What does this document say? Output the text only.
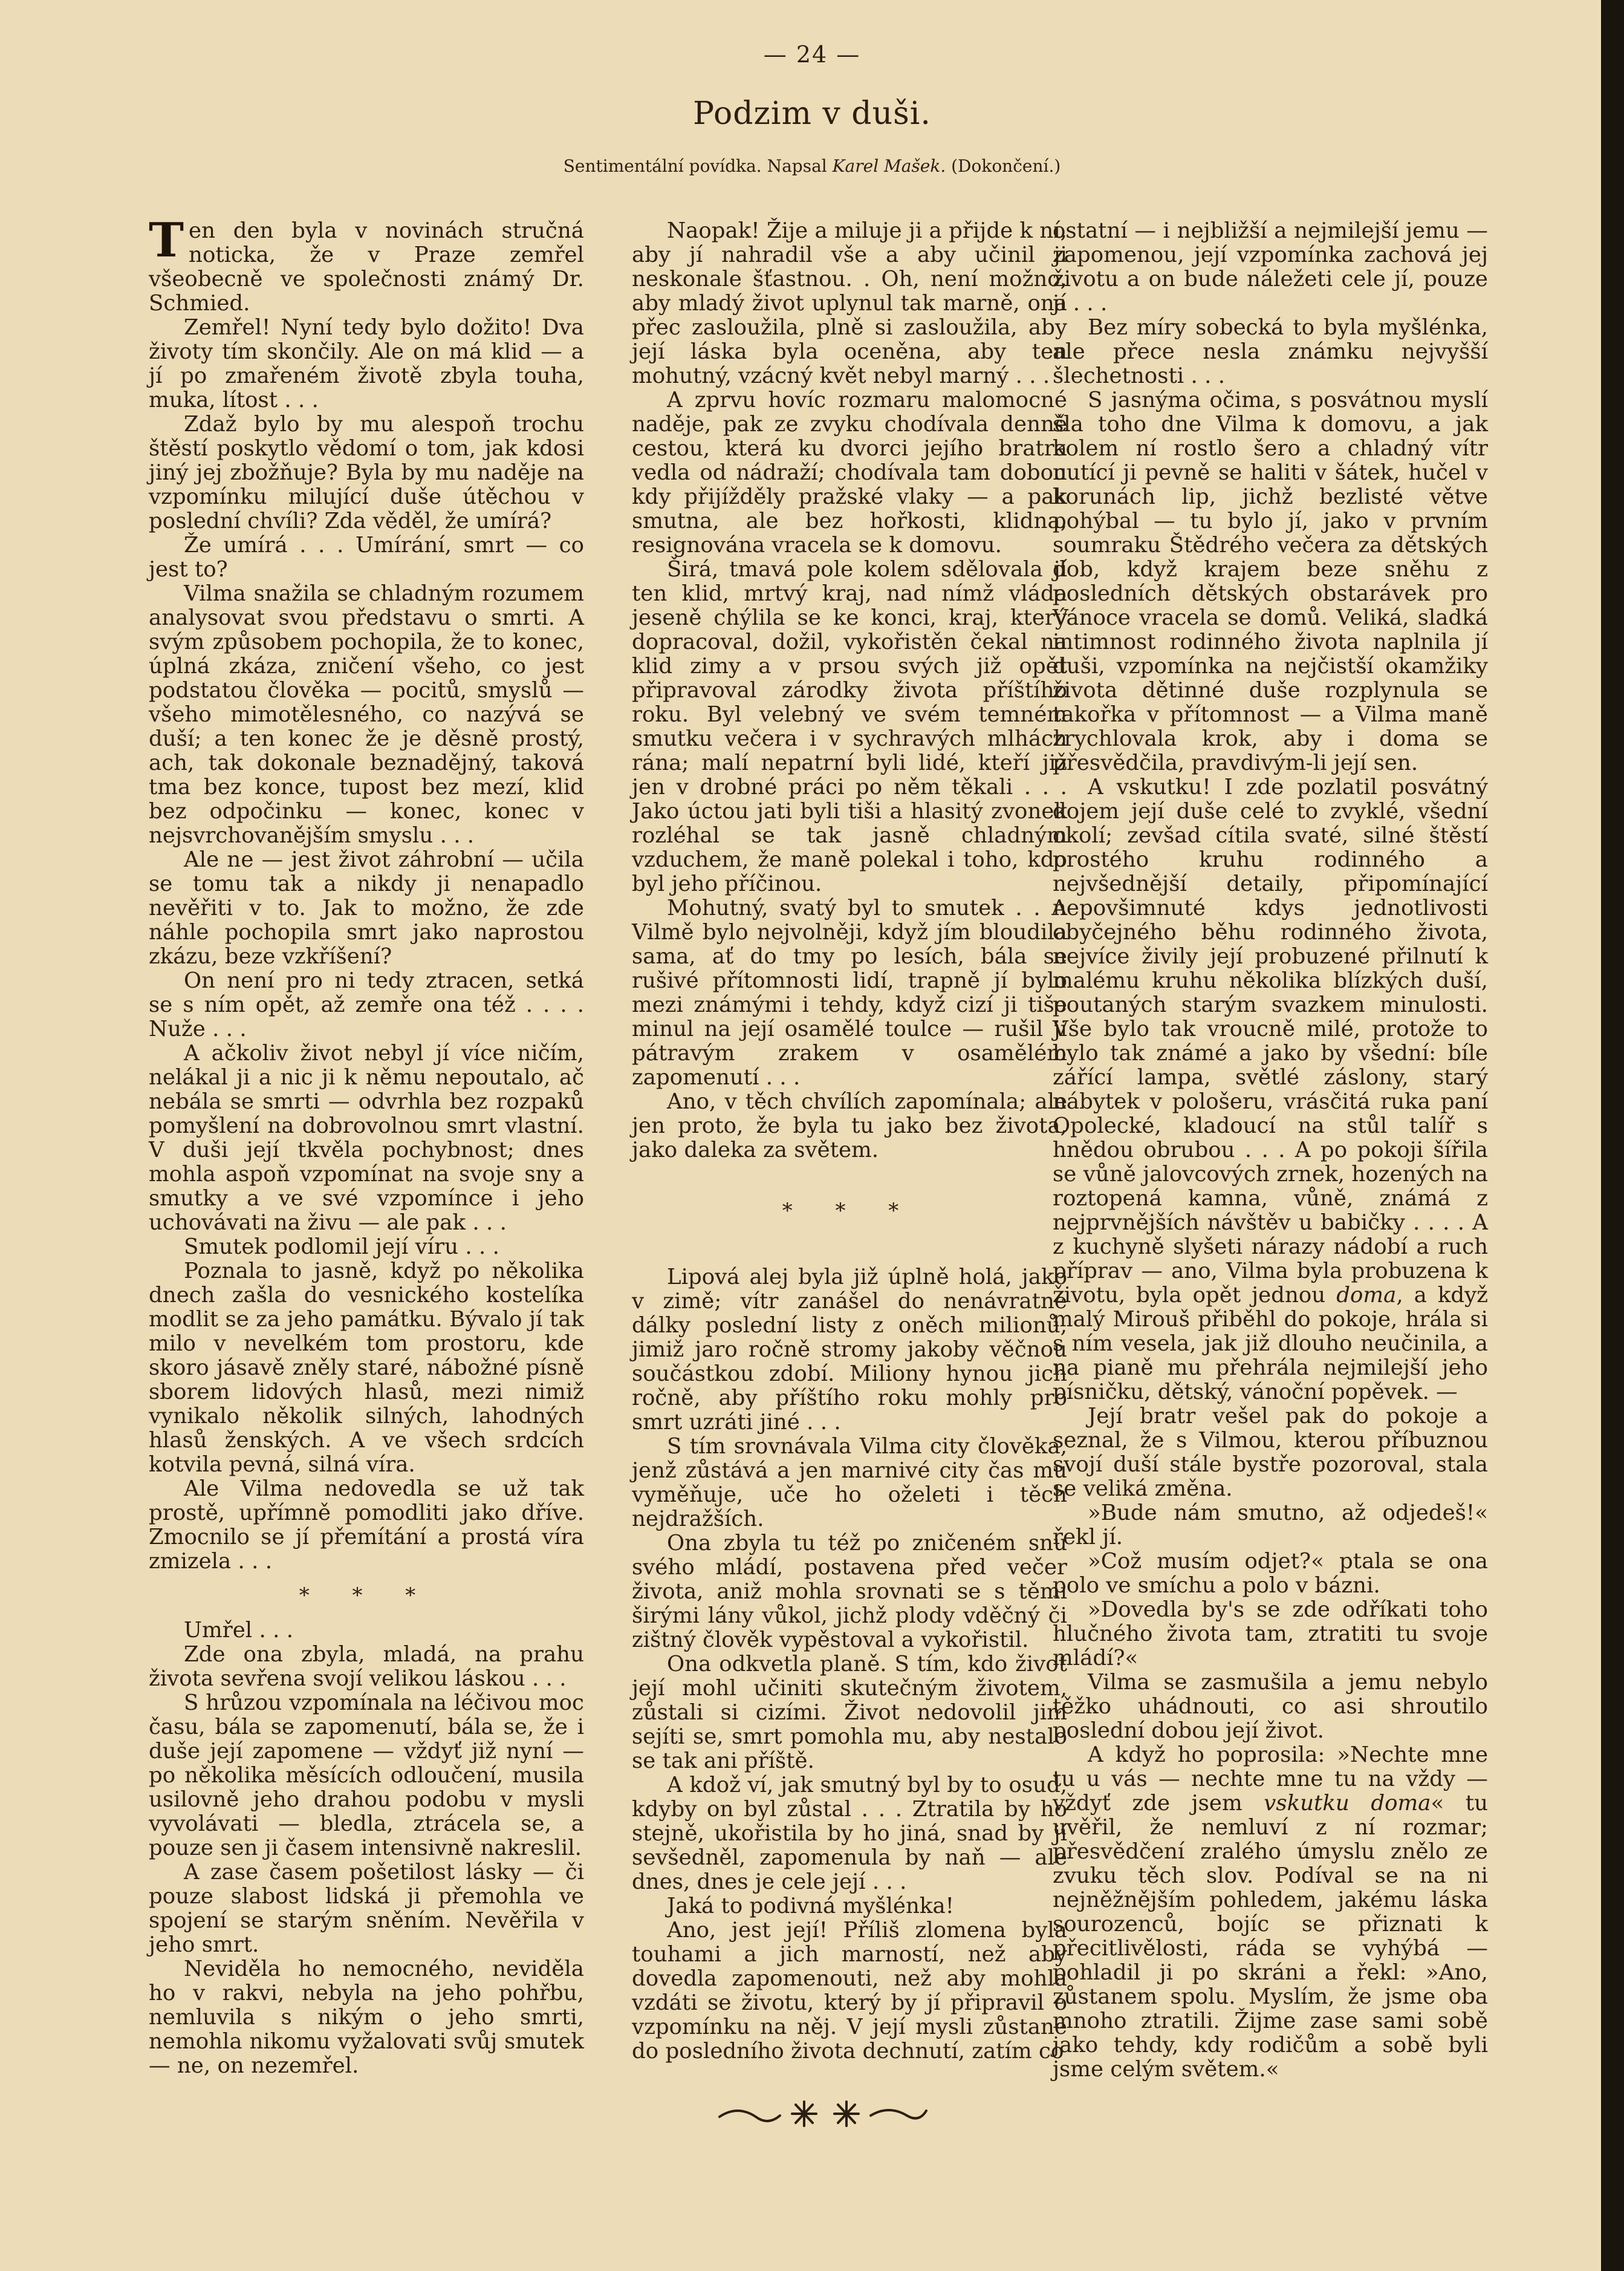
— 24 —
Podzim v duši.
Sentimentální povídka. Napsal Karel Mašek. (Dokončení.)

Ten den byla v novinách stručná noticka, že v Praze zemřel všeobecně ve společnosti známý Dr. Schmied.

Zemřel! Nyní tedy bylo dožito! Dva životy tím skončily. Ale on má klid — a jí po zmařeném životě zbyla touha, muka, lítost . . .

Zdaž bylo by mu alespoň trochu štěstí poskytlo vědomí o tom, jak kdosi jiný jej zbožňuje? Byla by mu naděje na vzpomínku milující duše útěchou v poslední chvíli? Zda věděl, že umírá?

Že umírá . . . Umírání, smrt — co jest to?

Vilma snažila se chladným rozumem analysovat svou představu o smrti. A svým způsobem pochopila, že to konec, úplná zkáza, zničení všeho, co jest podstatou člověka — pocitů, smyslů — všeho mimotělesného, co nazývá se duší; a ten konec že je děsně prostý, ach, tak dokonale beznadějný, taková tma bez konce, tupost bez mezí, klid bez odpočinku — konec, konec v nejsvrchovanějším smyslu . . .

Ale ne — jest život záhrobní — učila se tomu tak a nikdy ji nenapadlo nevěřiti v to. Jak to možno, že zde náhle pochopila smrt jako naprostou zkázu, beze vzkříšení?

On není pro ni tedy ztracen, setká se s ním opět, až zemře ona též . . . . Nuže . . .

A ačkoliv život nebyl jí více ničím, nelákal ji a nic ji k němu nepoutalo, ač nebála se smrti — odvrhla bez rozpaků pomyšlení na dobrovolnou smrt vlastní. V duši její tkvěla pochybnost; dnes mohla aspoň vzpomínat na svoje sny a smutky a ve své vzpomínce i jeho uchovávati na živu — ale pak . . .

Smutek podlomil její víru . . .

Poznala to jasně, když po několika dnech zašla do vesnického kostelíka modlit se za jeho památku. Bývalo jí tak milo v nevelkém tom prostoru, kde skoro jásavě zněly staré, nábožné písně sborem lidových hlasů, mezi nimiž vynikalo několik silných, lahodných hlasů ženských. A ve všech srdcích kotvila pevná, silná víra.

Ale Vilma nedovedla se už tak prostě, upřímně pomodliti jako dříve. Zmocnilo se jí přemítání a prostá víra zmizela . . .

* * *

Umřel . . .

Zde ona zbyla, mladá, na prahu života sevřena svojí velikou láskou . . .

S hrůzou vzpomínala na léčivou moc času, bála se zapomenutí, bála se, že i duše její zapomene — vždyť již nyní — po několika měsících odloučení, musila usilovně jeho drahou podobu v mysli vyvolávati — bledla, ztrácela se, a pouze sen ji časem intensivně nakreslil.

A zase časem pošetilost lásky — či pouze slabost lidská ji přemohla ve spojení se starým sněním. Nevěřila v jeho smrt.

Neviděla ho nemocného, neviděla ho v rakvi, nebyla na jeho pohřbu, nemluvila s nikým o jeho smrti, nemohla nikomu vyžalovati svůj smutek — ne, on nezemřel.

Naopak! Žije a miluje ji a přijde k ní, aby jí nahradil vše a aby učinil ji neskonale šťastnou. . Oh, není možno, aby mladý život uplynul tak marně, ona přec zasloužila, plně si zasloužila, aby její láska byla oceněna, aby ten mohutný, vzácný květ nebyl marný . . .

A zprvu hovíc rozmaru malomocné naděje, pak ze zvyku chodívala denně cestou, která ku dvorci jejího bratra vedla od nádraží; chodívala tam dobou kdy přijížděly pražské vlaky — a pak smutna, ale bez hořkosti, klidna, resignována vracela se k domovu.

Širá, tmavá pole kolem sdělovala jí ten klid, mrtvý kraj, nad nímž vláda jeseně chýlila se ke konci, kraj, který dopracoval, dožil, vykořistěn čekal na klid zimy a v prsou svých již opět připravoval zárodky života příštího roku. Byl velebný ve svém temném smutku večera i v sychravých mlhách rána; malí nepatrní byli lidé, kteří již jen v drobné práci po něm těkali . . . Jako úctou jati byli tiši a hlasitý zvonek rozléhal se tak jasně chladným vzduchem, že maně polekal i toho, kdo byl jeho příčinou.

Mohutný, svatý byl to smutek . . A Vilmě bylo nejvolněji, když jím bloudila sama, ať do tmy po lesích, bála se rušivé přítomnosti lidí, trapně jí bylo mezi známými i tehdy, když cizí ji tiše minul na její osamělé toulce — rušil ji pátravým zrakem v osamělém zapomenutí . . .

Ano, v těch chvílích zapomínala; ale jen proto, že byla tu jako bez života, jako daleka za světem.

* * *

Lipová alej byla již úplně holá, jako v zimě; vítr zanášel do nenávratné dálky poslední listy z oněch milionů, jimiž jaro ročně stromy jakoby věčnou součástkou zdobí. Miliony hynou jich ročně, aby příštího roku mohly pro smrt uzráti jiné . . .

S tím srovnávala Vilma city člověka, jenž zůstává a jen marnivé city čas mu vyměňuje, uče ho oželeti i těch nejdražších.

Ona zbyla tu též po zničeném snu svého mládí, postavena před večer života, aniž mohla srovnati se s těmi širými lány vůkol, jichž plody vděčný či zištný člověk vypěstoval a vykořistil.

Ona odkvetla planě. S tím, kdo život její mohl učiniti skutečným životem, zůstali si cizími. Život nedovolil jim sejíti se, smrt pomohla mu, aby nestalo se tak ani příště.

A kdož ví, jak smutný byl by to osud, kdyby on byl zůstal . . . Ztratila by ho stejně, ukořistila by ho jiná, snad by jí sevšedněl, zapomenula by naň — ale dnes, dnes je cele její . . .

Jaká to podivná myšlénka!

Ano, jest její! Příliš zlomena byla touhami a jich marností, než aby dovedla zapomenouti, než aby mohla vzdáti se životu, který by jí připravil o vzpomínku na něj. V její mysli zůstane do posledního života dechnutí, zatím co

ostatní — i nejbližší a nejmilejší jemu — zapomenou, její vzpomínka zachová jej životu a on bude náležeti cele jí, pouze jí . . .

Bez míry sobecká to byla myšlénka, ale přece nesla známku nejvyšší šlechetnosti . . .

S jasnýma očima, s posvátnou myslí šla toho dne Vilma k domovu, a jak kolem ní rostlo šero a chladný vítr nutící ji pevně se haliti v šátek, hučel v korunách lip, jichž bezlisté větve pohýbal — tu bylo jí, jako v prvním soumraku Štědrého večera za dětských dob, když krajem beze sněhu z posledních dětských obstarávek pro Vánoce vracela se domů. Veliká, sladká intimnost rodinného života naplnila jí duši, vzpomínka na nejčistší okamžiky života dětinné duše rozplynula se takořka v přítomnost — a Vilma maně zrychlovala krok, aby i doma se přesvědčila, pravdivým-li její sen.

A vskutku! I zde pozlatil posvátný dojem její duše celé to zvyklé, všední okolí; zevšad cítila svaté, silné štěstí prostého kruhu rodinného a nejvšednější detaily, připomínající nepovšimnuté kdys jednotlivosti obyčejného běhu rodinného života, nejvíce živily její probuzené přilnutí k malému kruhu několika blízkých duší, poutaných starým svazkem minulosti. Vše bylo tak vroucně milé, protože to bylo tak známé a jako by všední: bíle zářící lampa, světlé záslony, starý nábytek v pološeru, vrásčitá ruka paní Opolecké, kladoucí na stůl talíř s hnědou obrubou . . . A po pokoji šířila se vůně jalovcových zrnek, hozených na roztopená kamna, vůně, známá z nejprvnějších návštěv u babičky . . . . A z kuchyně slyšeti nárazy nádobí a ruch příprav — ano, Vilma byla probuzena k životu, byla opět jednou doma, a když malý Mirouš přiběhl do pokoje, hrála si s ním vesela, jak již dlouho neučinila, a na pianě mu přehrála nejmilejší jeho písničku, dětský, vánoční popěvek. —

Její bratr vešel pak do pokoje a seznal, že s Vilmou, kterou příbuznou svojí duší stále bystře pozoroval, stala se veliká změna.

»Bude nám smutno, až odjedeš!« řekl jí.

»Což musím odjet?« ptala se ona polo ve smíchu a polo v bázni.

»Dovedla by's se zde odříkati toho hlučného života tam, ztratiti tu svoje mládí?«

Vilma se zasmušila a jemu nebylo těžko uhádnouti, co asi shroutilo poslední dobou její život.

A když ho poprosila: »Nechte mne tu u vás — nechte mne tu na vždy — vždyť zde jsem vskutku doma« tu uvěřil, že nemluví z ní rozmar; přesvědčení zralého úmyslu znělo ze zvuku těch slov. Podíval se na ni nejněžnějším pohledem, jakému láska sourozenců, bojíc se přiznati k přecitlivělosti, ráda se vyhýbá — pohladil ji po skráni a řekl: »Ano, zůstanem spolu. Myslím, že jsme oba mnoho ztratili. Žijme zase sami sobě jako tehdy, kdy rodičům a sobě byli jsme celým světem.«
